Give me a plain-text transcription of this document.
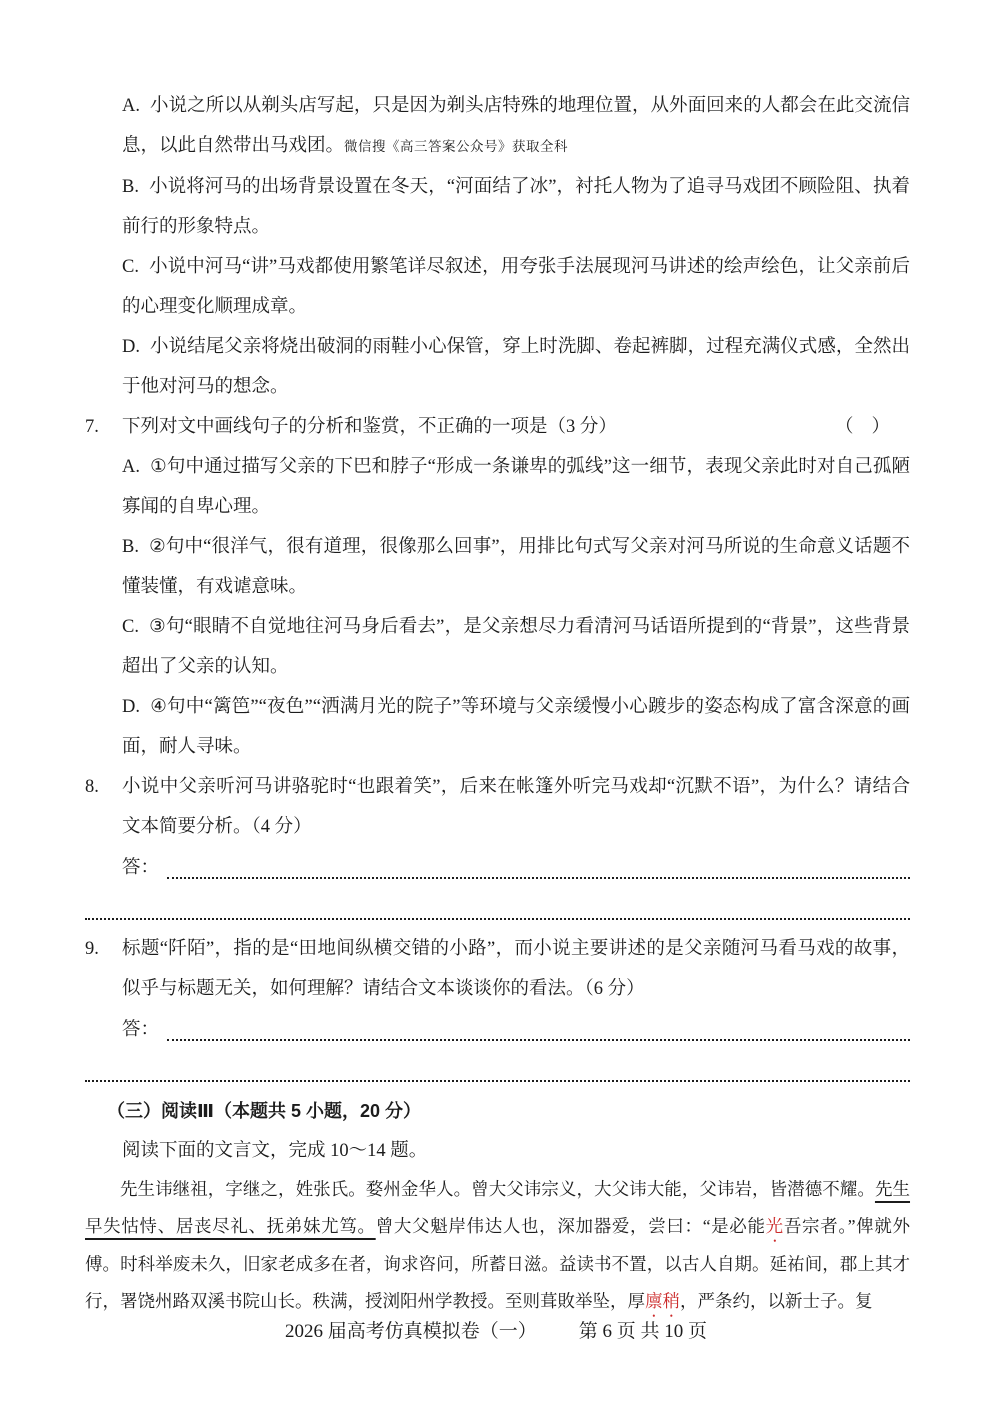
A. 小说之所以从剃头店写起，只是因为剃头店特殊的地理位置，从外面回来的人都会在此交流信息，以此自然带出马戏团。微信搜《高三答案公众号》获取全科

B. 小说将河马的出场背景设置在冬天，“河面结了冰”，衬托人物为了追寻马戏团不顾险阻、执着前行的形象特点。

C. 小说中河马“讲”马戏都使用繁笔详尽叙述，用夸张手法展现河马讲述的绘声绘色，让父亲前后的心理变化顺理成章。

D. 小说结尾父亲将烧出破洞的雨鞋小心保管，穿上时洗脚、卷起裤脚，过程充满仪式感，全然出于他对河马的想念。

7. 下列对文中画线句子的分析和鉴赏，不正确的一项是（3 分）	（）

A. ①句中通过描写父亲的下巴和脖子“形成一条谦卑的弧线”这一细节，表现父亲此时对自己孤陋寡闻的自卑心理。

B. ②句中“很洋气，很有道理，很像那么回事”，用排比句式写父亲对河马所说的生命意义话题不懂装懂，有戏谑意味。

C. ③句“眼睛不自觉地往河马身后看去”，是父亲想尽力看清河马话语所提到的“背景”，这些背景超出了父亲的认知。

D. ④句中“篱笆”“夜色”“洒满月光的院子”等环境与父亲缓慢小心踱步的姿态构成了富含深意的画面，耐人寻味。

8. 小说中父亲听河马讲骆驼时“也跟着笑”，后来在帐篷外听完马戏却“沉默不语”，为什么？请结合文本简要分析。（4 分）
答：
9. 标题“阡陌”，指的是“田地间纵横交错的小路”，而小说主要讲述的是父亲随河马看马戏的故事，似乎与标题无关，如何理解？请结合文本谈谈你的看法。（6 分）
答：
（三）阅读Ⅲ（本题共 5 小题，20 分）
阅读下面的文言文，完成 10～14 题。

先生讳继祖，字继之，姓张氏。婺州金华人。曾大父讳宗义，大父讳大能，父讳岩，皆潜德不耀。先生早失怙恃、居丧尽礼、抚弟妹尤笃。曾大父魁岸伟达人也，深加器爱，尝曰：“是必能光吾宗者。”俾就外傅。时科举废未久，旧家老成多在者，询求咨问，所蓄日滋。益读书不置，以古人自期。延祐间，郡上其才行，署饶州路双溪书院山长。秩满，授浏阳州学教授。至则葺敗举坠，厚廪稍，严条约，以新士子。复

2026 届高考仿真模拟卷（一） 第 6 页 共 10 页
